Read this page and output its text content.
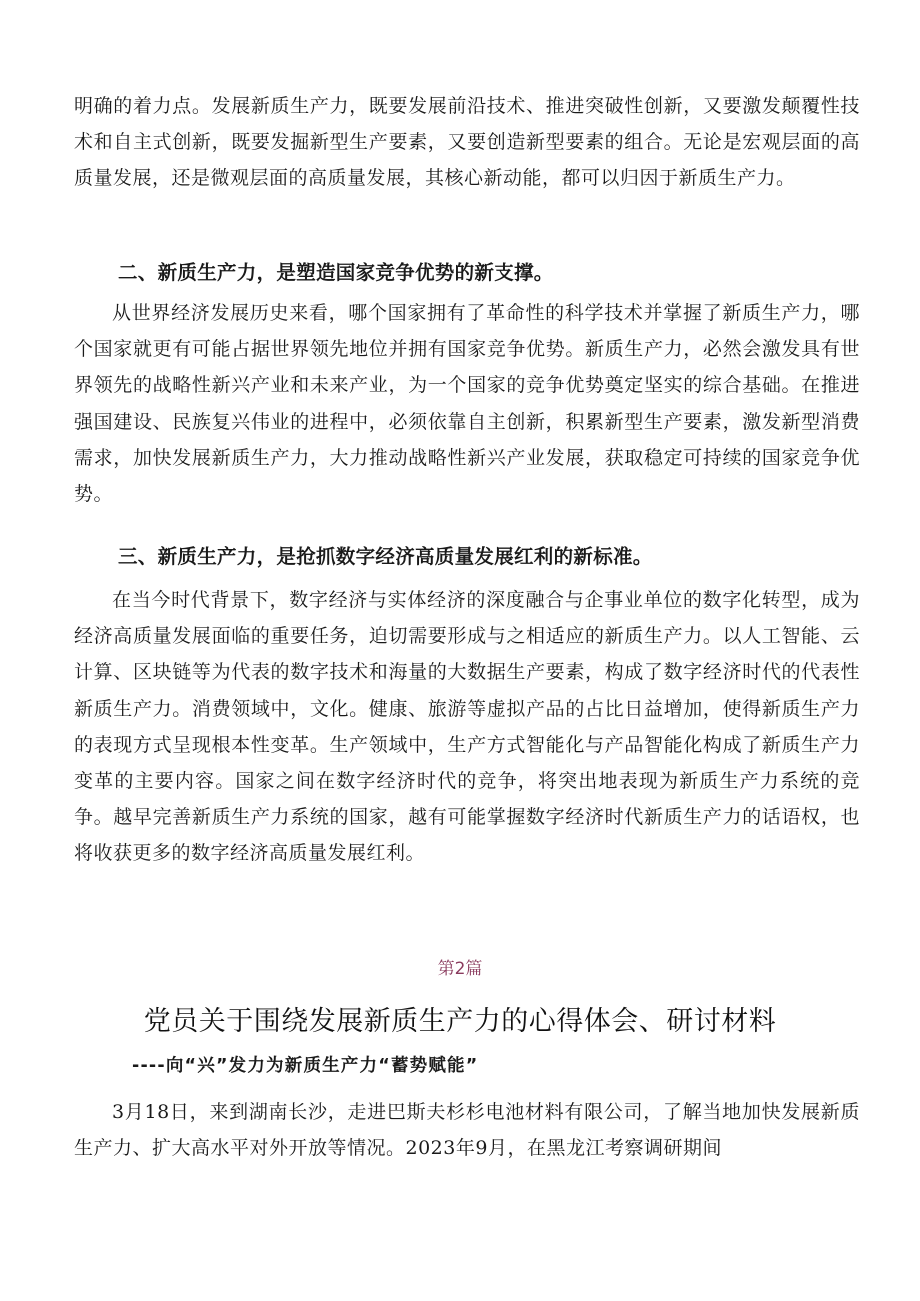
明确的着力点。发展新质生产力，既要发展前沿技术、推进突破性创新，又要激发颠覆性技术和自主式创新，既要发掘新型生产要素，又要创造新型要素的组合。无论是宏观层面的高质量发展，还是微观层面的高质量发展，其核心新动能，都可以归因于新质生产力。

二、新质生产力，是塑造国家竞争优势的新支撑。

从世界经济发展历史来看，哪个国家拥有了革命性的科学技术并掌握了新质生产力，哪个国家就更有可能占据世界领先地位并拥有国家竞争优势。新质生产力，必然会激发具有世界领先的战略性新兴产业和未来产业，为一个国家的竞争优势奠定坚实的综合基础。在推进强国建设、民族复兴伟业的进程中，必须依靠自主创新，积累新型生产要素，激发新型消费需求，加快发展新质生产力，大力推动战略性新兴产业发展，获取稳定可持续的国家竞争优势。

三、新质生产力，是抢抓数字经济高质量发展红利的新标准。

在当今时代背景下，数字经济与实体经济的深度融合与企事业单位的数字化转型，成为经济高质量发展面临的重要任务，迫切需要形成与之相适应的新质生产力。以人工智能、云计算、区块链等为代表的数字技术和海量的大数据生产要素，构成了数字经济时代的代表性新质生产力。消费领域中，文化。健康、旅游等虚拟产品的占比日益增加，使得新质生产力的表现方式呈现根本性变革。生产领域中，生产方式智能化与产品智能化构成了新质生产力变革的主要内容。国家之间在数字经济时代的竞争，将突出地表现为新质生产力系统的竞争。越早完善新质生产力系统的国家，越有可能掌握数字经济时代新质生产力的话语权，也将收获更多的数字经济高质量发展红利。

第2篇
党员关于围绕发展新质生产力的心得体会、研讨材料
----向“兴”发力为新质生产力“蓄势赋能”

3月18日，来到湖南长沙，走进巴斯夫杉杉电池材料有限公司，了解当地加快发展新质生产力、扩大高水平对外开放等情况。2023年9月，在黑龙江考察调研期间
